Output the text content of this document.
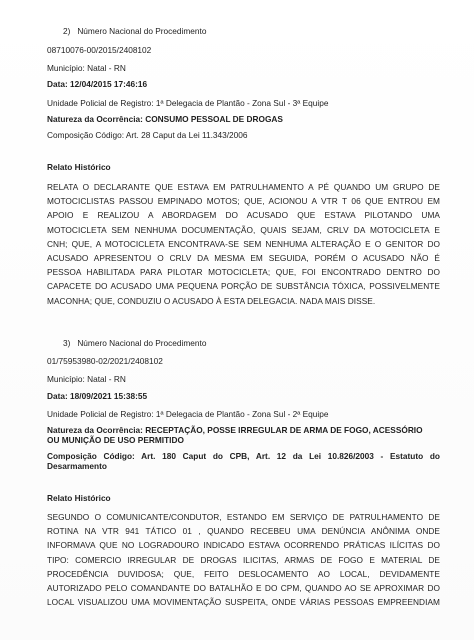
2) Número Nacional do Procedimento
08710076-00/2015/2408102
Município: Natal - RN
Data: 12/04/2015 17:46:16
Unidade Policial de Registro: 1ª Delegacia de Plantão - Zona Sul - 3ª Equipe
Natureza da Ocorrência: CONSUMO PESSOAL DE DROGAS
Composição Código: Art. 28 Caput da Lei 11.343/2006
Relato Histórico
RELATA O DECLARANTE QUE ESTAVA EM PATRULHAMENTO A PÉ QUANDO UM GRUPO DE
MOTOCICLISTAS PASSOU EMPINADO MOTOS; QUE, ACIONOU A VTR T 06 QUE ENTROU EM
APOIO E REALIZOU A ABORDAGEM DO ACUSADO QUE ESTAVA PILOTANDO UMA
MOTOCICLETA SEM NENHUMA DOCUMENTAÇÃO, QUAIS SEJAM, CRLV DA MOTOCICLETA E
CNH; QUE, A MOTOCICLETA ENCONTRAVA-SE SEM NENHUMA ALTERAÇÃO E O GENITOR DO
ACUSADO APRESENTOU O CRLV DA MESMA EM SEGUIDA, PORÉM O ACUSADO NÃO É
PESSOA HABILITADA PARA PILOTAR MOTOCICLETA; QUE, FOI ENCONTRADO DENTRO DO
CAPACETE DO ACUSADO UMA PEQUENA PORÇÃO DE SUBSTÂNCIA TÓXICA, POSSIVELMENTE
MACONHA; QUE, CONDUZIU O ACUSADO À ESTA DELEGACIA. NADA MAIS DISSE.
3) Número Nacional do Procedimento
01/75953980-02/2021/2408102
Município: Natal - RN
Data: 18/09/2021 15:38:55
Unidade Policial de Registro: 1ª Delegacia de Plantão - Zona Sul - 2ª Equipe
Natureza da Ocorrência: RECEPTAÇÃO, POSSE IRREGULAR DE ARMA DE FOGO, ACESSÓRIO
OU MUNIÇÃO DE USO PERMITIDO
Composição Código: Art. 180 Caput do CPB, Art. 12 da Lei 10.826/2003 - Estatuto do
Desarmamento
Relato Histórico
SEGUNDO O COMUNICANTE/CONDUTOR, ESTANDO EM SERVIÇO DE PATRULHAMENTO DE
ROTINA NA VTR 941 TÁTICO 01 , QUANDO RECEBEU UMA DENÚNCIA ANÔNIMA ONDE
INFORMAVA QUE NO LOGRADOURO INDICADO ESTAVA OCORRENDO PRÁTICAS ILÍCITAS DO
TIPO: COMERCIO IRREGULAR DE DROGAS ILICITAS, ARMAS DE FOGO E MATERIAL DE
PROCEDÊNCIA DUVIDOSA; QUE, FEITO DESLOCAMENTO AO LOCAL, DEVIDAMENTE
AUTORIZADO PELO COMANDANTE DO BATALHÃO E DO CPM, QUANDO AO SE APROXIMAR DO
LOCAL VISUALIZOU UMA MOVIMENTAÇÃO SUSPEITA, ONDE VÁRIAS PESSOAS EMPREENDIAM
